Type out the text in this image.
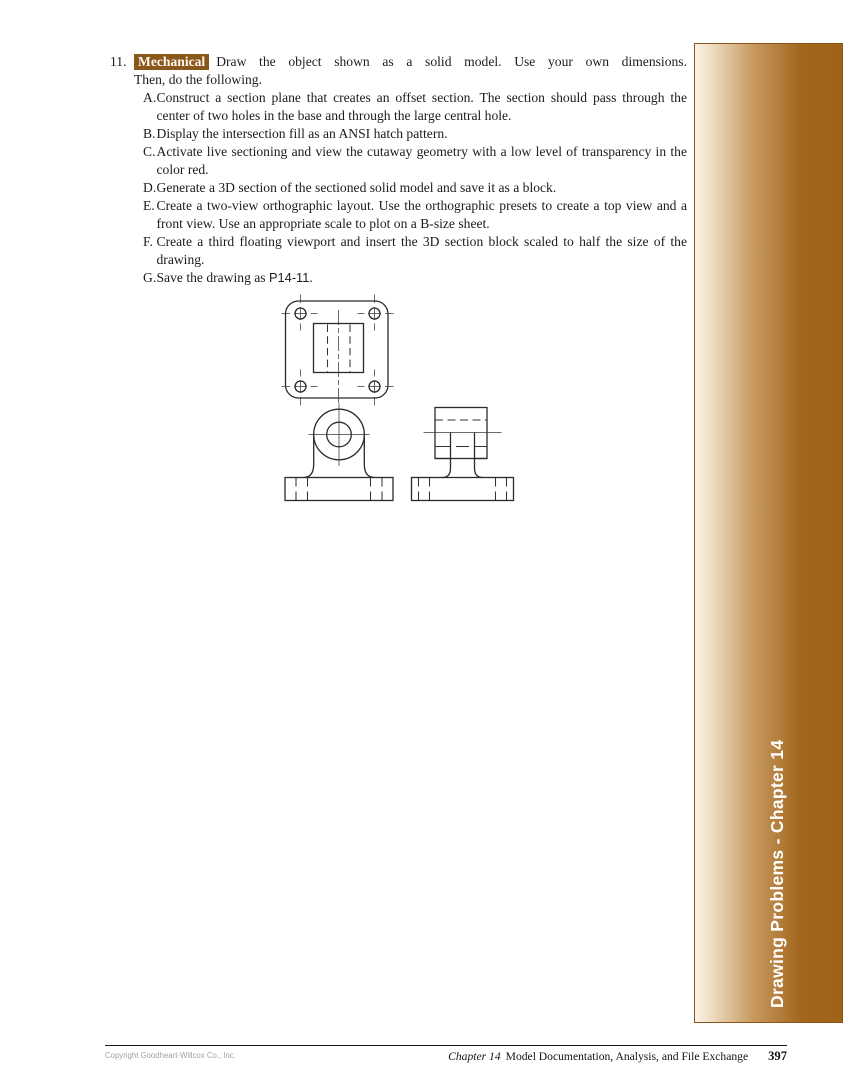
11. Mechanical Draw the object shown as a solid model. Use your own dimensions.
Then, do the following.
A. Construct a section plane that creates an offset section. The section should pass through the center of two holes in the base and through the large central hole.
B. Display the intersection fill as an ANSI hatch pattern.
C. Activate live sectioning and view the cutaway geometry with a low level of transparency in the color red.
D. Generate a 3D section of the sectioned solid model and save it as a block.
E. Create a two-view orthographic layout. Use the orthographic presets to create a top view and a front view. Use an appropriate scale to plot on a B-size sheet.
F. Create a third floating viewport and insert the 3D section block scaled to half the size of the drawing.
G. Save the drawing as P14-11.
Drawing Problems - Chapter 14
Copyright Goodheart-Willcox Co., Inc.	Chapter 14 Model Documentation, Analysis, and File Exchange 397
